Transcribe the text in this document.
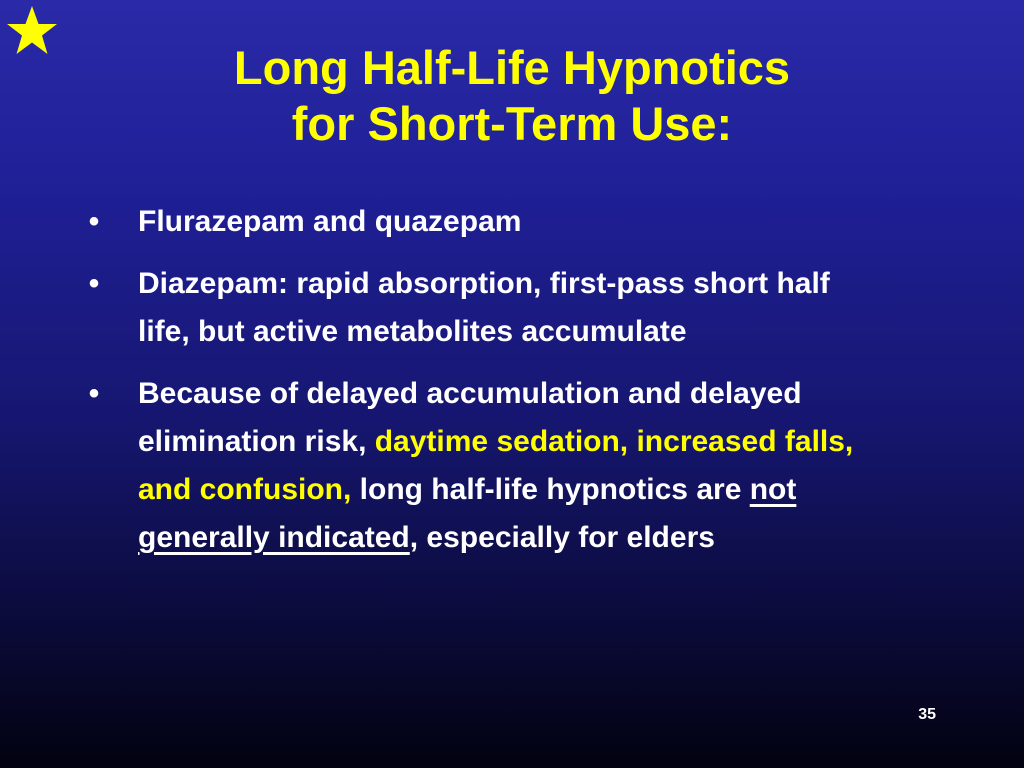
Long Half-Life Hypnotics
for Short-Term Use:
• Flurazepam and quazepam
• Diazepam: rapid absorption, first-pass short half life, but active metabolites accumulate
• Because of delayed accumulation and delayed elimination risk, daytime sedation, increased falls, and confusion, long half-life hypnotics are not generally indicated, especially for elders
35
